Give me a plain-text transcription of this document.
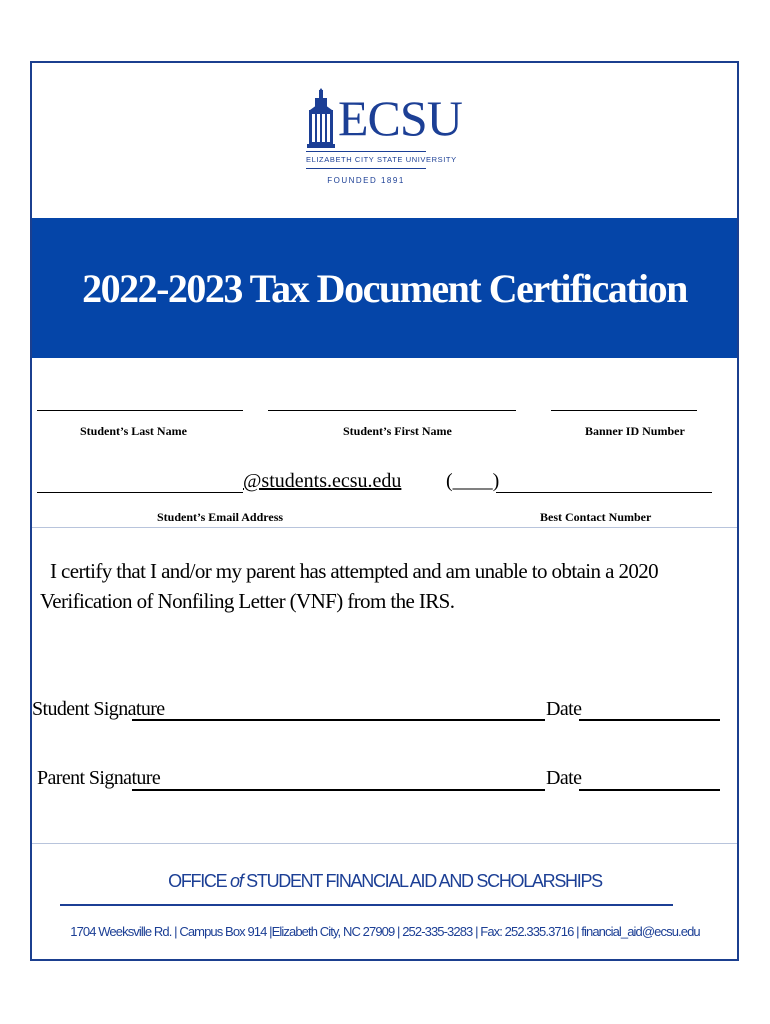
ECSU
ELIZABETH CITY STATE UNIVERSITY
FOUNDED 1891
2022-2023 Tax Document Certification
Student’s Last Name	Student’s First Name	Banner ID Number
@students.ecsu.edu (____)
Student’s Email Address	Best Contact Number
I certify that I and/or my parent has attempted and am unable to obtain a 2020 Verification of Nonfiling Letter (VNF) from the IRS.
Student Signature	Date
Parent Signature	Date
OFFICE of STUDENT FINANCIAL AID AND SCHOLARSHIPS
1704 Weeksville Rd. | Campus Box 914 |Elizabeth City, NC 27909 | 252-335-3283 | Fax: 252.335.3716 | financial_aid@ecsu.edu
